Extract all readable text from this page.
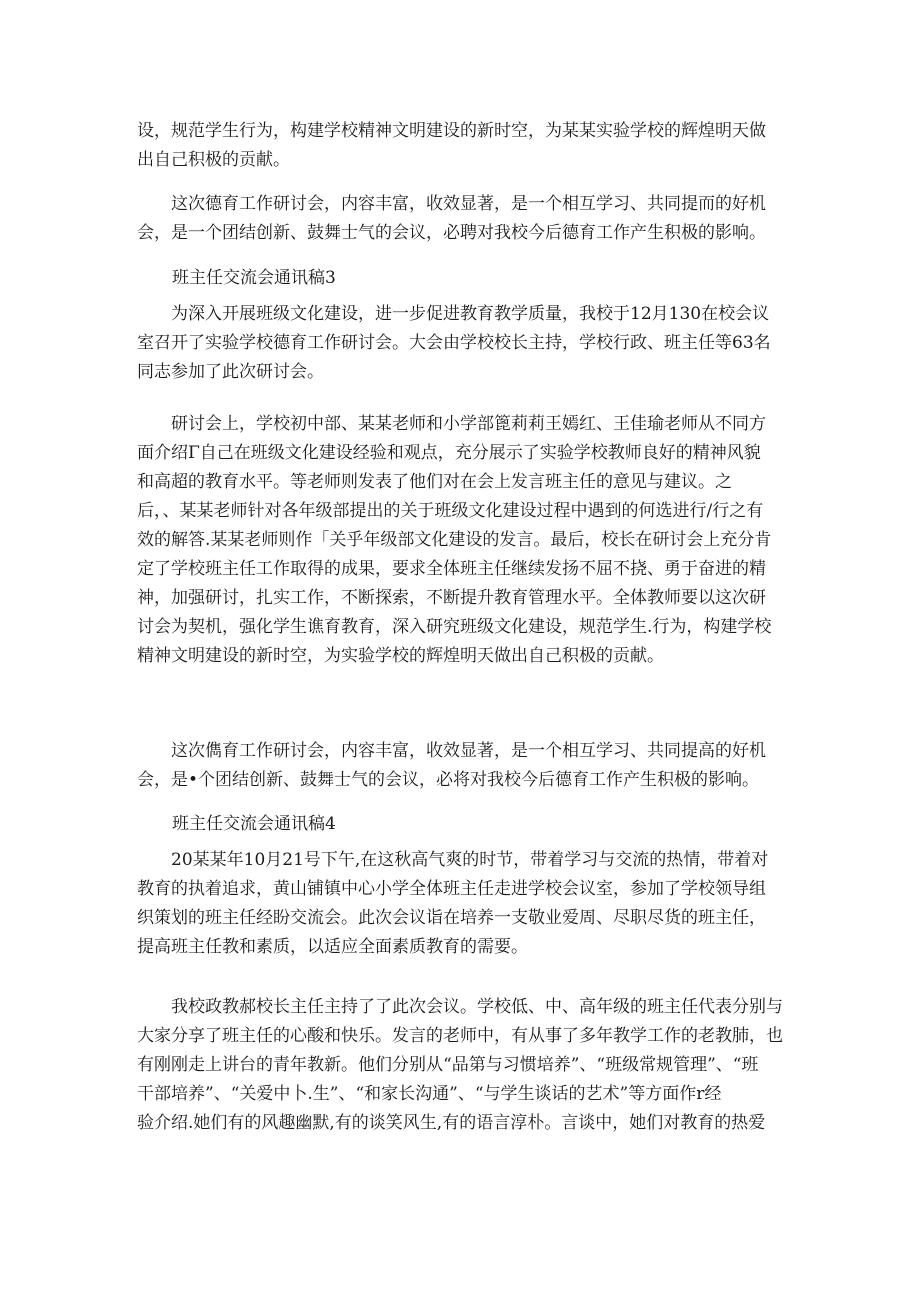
设，规范学生行为，构建学校精神文明建设的新时空，为某某实验学校的辉煌明天做
出自己积极的贡献。
　　这次德育工作研讨会，内容丰富，收效显著，是一个相互学习、共同提而的好机
会，是一个团结创新、鼓舞士气的会议，必聘对我校今后德育工作产生积极的影响。
班主任交流会通讯稿3
　　为深入开展班级文化建设，进一步促进教育教学质量，我校于12月130在校会议
室召开了实验学校德育工作研讨会。大会由学校校长主持，学校行政、班主任等63名
同志参加了此次研讨会。
　　研讨会上，学校初中部、某某老师和小学部篦莉莉王嫣红、王佳瑜老师从不同方
面介绍Γ自己在班级文化建设经验和观点，充分展示了实验学校教师良好的精神风貌
和高超的教育水平。等老师则发表了他们对在会上发言班主任的意见与建议。之
后，、某某老师针对各年级部提出的关于班级文化建设过程中遇到的何选进行/行之有
效的解答.某某老师则作「关乎年级部文化建设的发言。最后，校长在研讨会上充分肯
定了学校班主任工作取得的成果，要求全体班主任继续发扬不屈不挠、勇于奋进的精
神，加强研讨，扎实工作，不断探索，不断提升教育管理水平。全体教师要以这次研
讨会为契机，强化学生谯育教育，深入研究班级文化建设，规范学生.行为，构建学校
精神文明建设的新时空，为实验学校的辉煌明天做出自己积极的贡献。
　　这次儁育工作研讨会，内容丰富，收效显著，是一个相互学习、共同提高的好机
会，是•个团结创新、鼓舞士气的会议，必将对我校今后德育工作产生积极的影响。
班主任交流会通讯稿4
　　20某某年10月21号下午,在这秋高气爽的时节，带着学习与交流的热情，带着对
教育的执着追求，黄山铺镇中心小学全体班主任走进学校会议室，参加了学校领导组
织策划的班主任经盼交流会。此次会议诣在培养一支敬业爱周、尽职尽货的班主任，
提高班主任教和素质，以适应全面素质教育的需要。
　　我校政教郝校长主任主持了了此次会议。学校低、中、高年级的班主任代表分别与
大家分享了班主任的心酸和快乐。发言的老师中，有从事了多年教学工作的老教肺，也
有刚刚走上讲台的青年教新。他们分别从“品第与习惯培养”、“班级常规管理”、“班
干部培养”、“关爱中卜.生”、“和家长沟通”、“与学生谈话的艺术”等方面作r经
验介绍.她们有的风趣幽默,有的谈笑风生,有的语言淳朴。言谈中，她们对教育的热爱
